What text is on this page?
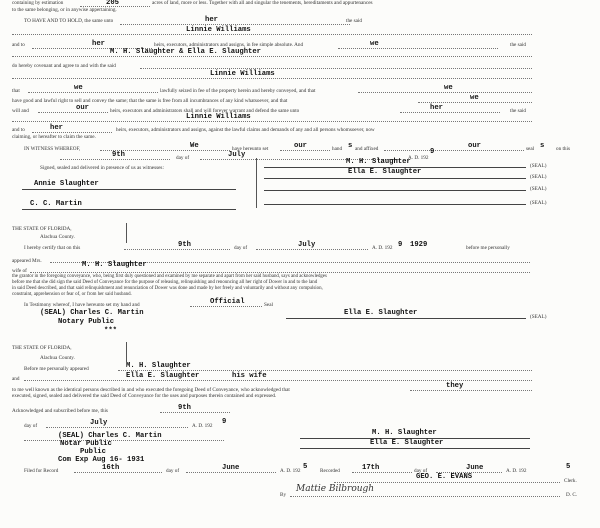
containing by estimation	205	acres of land, more or less. Together with all and singular the tenements, hereditaments and appurtenances
to the same belonging, or in anywise appertaining.
TO HAVE AND TO HOLD, the same unto	her	the said
Linnie Williams
and to	her	heirs, executors, administrators and assigns, in fee simple absolute. And	we	the said
M. H. Slaughter & Ella E. Slaughter
do hereby covenant and agree to and with the said
Linnie Williams
that	we	lawfully seized in fee of the property herein and hereby conveyed, and that	we
have good and lawful right to sell and convey the same; that the same is free from all incumbrances of any kind whatsoever, and that	we
will and	our	heirs, executors and administrators shall and will forever warrant and defend the same unto	her	the said
Linnie Williams
and to	her	heirs, executors, administrators and assigns, against the lawful claims and demands of any and all persons whomsoever, now
claiming, or hereafter to claim the same.
IN WITNESS WHEREOF,	We	have hereunto set	our	hand s and affixed	our	seal s on this
9th	day of	July	A. D. 192
9
Signed, sealed and delivered in presence of us as witnesses:
M. H. Slaughter	(SEAL)
Ella E. Slaughter
(SEAL)
(SEAL)
(SEAL)
Annie Slaughter
C. C. Martin
THE STATE OF FLORIDA,
Alachua County.
I hereby certify that on this	9th	day of	July	A. D. 192 9 1929	before me personally
appeared Mrs.
wife of
M. H. Slaughter
the grantor in the foregoing conveyance, who, being first duly questioned and examined by me separate and apart from her said husband, says and acknowledges
before me that she did sign the said Deed of Conveyance for the purpose of releasing, relinquishing and renouncing all her right of Dower in and to the land
in said Deed described, and that said relinquishment and renunciation of Dower was done and made by her freely and voluntarily and without any compulsion,
constraint, apprehension or fear of, or from her said husband.
In Testimony whereof, I have hereunto set my hand and	Official	Seal
(SEAL) Charles C. Martin
Notary Public
***
Ella E. Slaughter	(SEAL)
THE STATE OF FLORIDA,
Alachua County.
Before me personally appeared	M. H. Slaughter
and	Ella E. Slaughter	his wife
to me well known as the identical persons described in and who executed the foregoing Deed of Conveyance, who acknowledged that	they
executed, signed, sealed and delivered the said Deed of Conveyance for the uses and purposes therein contained and expressed.
Acknowledged and subscribed before me, this	9th
day of	July	A. D. 192 9
(SEAL) Charles C. Martin
Notar Public
Public
Com Exp Aug 16- 1931
M. H. Slaughter
Ella E. Slaughter
Filed for Record	16th	day of	June	A. D. 192 5 Recorded	17th	day of	June	A. D. 192	5
GEO. E. EVANS	Clerk.
By
Mattie Bilbrough
D. C.
